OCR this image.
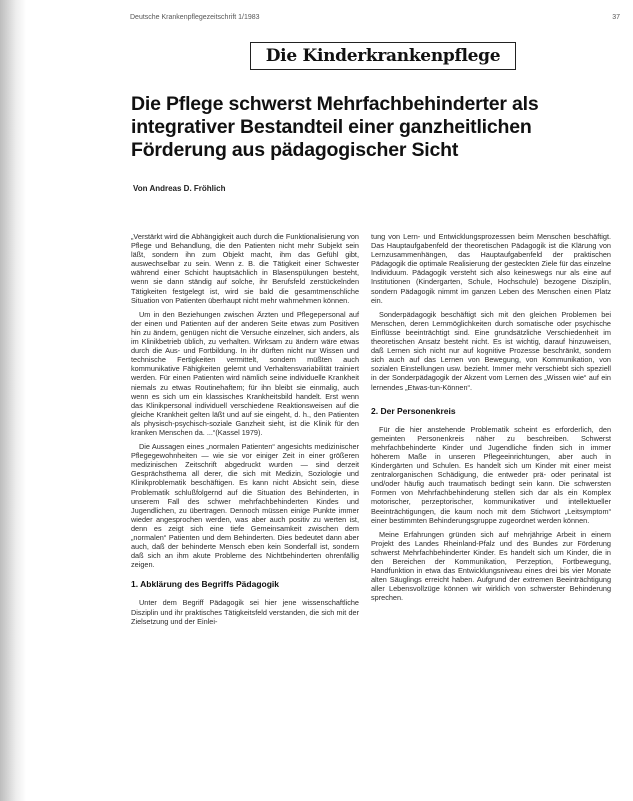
Deutsche Krankenpflegezeitschrift 1/1983	37
Die Kinderkrankenpflege
Die Pflege schwerst Mehrfachbehinderter als
integrativer Bestandteil einer ganzheitlichen
Förderung aus pädagogischer Sicht
Von Andreas D. Fröhlich

„Verstärkt wird die Abhängigkeit auch durch die Funktionalisierung von Pflege und Behandlung, die den Patienten nicht mehr Subjekt sein läßt, sondern ihn zum Objekt macht, ihm das Gefühl gibt, auswechselbar zu sein. Wenn z. B. die Tätigkeit einer Schwester während einer Schicht hauptsächlich in Blasenspülungen besteht, wenn sie dann ständig auf solche, ihr Berufsfeld zerstückelnden Tätigkeiten festgelegt ist, wird sie bald die gesamtmenschliche Situation von Patienten überhaupt nicht mehr wahrnehmen können.

Um in den Beziehungen zwischen Ärzten und Pflegepersonal auf der einen und Patienten auf der anderen Seite etwas zum Positiven hin zu ändern, genügen nicht die Versuche einzelner, sich anders, als im Klinikbetrieb üblich, zu verhalten. Wirksam zu ändern wäre etwas durch die Aus- und Fortbildung. In ihr dürften nicht nur Wissen und technische Fertigkeiten vermittelt, sondern müßten auch kommunikative Fähigkeiten gelernt und Verhaltensvariabilität trainiert werden. Für einen Patienten wird nämlich seine individuelle Krankheit niemals zu etwas Routinehaftem; für ihn bleibt sie einmalig, auch wenn es sich um ein klassisches Krankheitsbild handelt. Erst wenn das Klinikpersonal individuell verschiedene Reaktionsweisen auf die gleiche Krankheit gelten läßt und auf sie eingeht, d. h., den Patienten als physisch-psychisch-soziale Ganzheit sieht, ist die Klinik für den kranken Menschen da. ...“(Kassel 1979).

Die Aussagen eines „normalen Patienten“ angesichts medizinischer Pflegegewohnheiten — wie sie vor einiger Zeit in einer größeren medizinischen Zeitschrift abgedruckt wurden — sind derzeit Gesprächsthema all derer, die sich mit Medizin, Soziologie und Klinikproblematik beschäftigen. Es kann nicht Absicht sein, diese Problematik schlußfolgernd auf die Situation des Behinderten, in unserem Fall des schwer mehrfachbehinderten Kindes und Jugendlichen, zu übertragen. Dennoch müssen einige Punkte immer wieder angesprochen werden, was aber auch positiv zu werten ist, denn es zeigt sich eine tiefe Gemeinsamkeit zwischen dem „normalen“ Patienten und dem Behinderten. Dies bedeutet dann aber auch, daß der behinderte Mensch eben kein Sonderfall ist, sondern daß sich an ihm akute Probleme des Nichtbehinderten ohrenfällig zeigen.

1. Abklärung des Begriffs Pädagogik

Unter dem Begriff Pädagogik sei hier jene wissenschaftliche Disziplin und ihr praktisches Tätigkeitsfeld verstanden, die sich mit der Zielsetzung und der Einlei-

tung von Lern- und Entwicklungsprozessen beim Menschen beschäftigt. Das Hauptaufgabenfeld der theoretischen Pädagogik ist die Klärung von Lernzusammenhängen, das Hauptaufgabenfeld der praktischen Pädagogik die optimale Realisierung der gesteckten Ziele für das einzelne Individuum. Pädagogik versteht sich also keineswegs nur als eine auf Institutionen (Kindergarten, Schule, Hochschule) bezogene Disziplin, sondern Pädagogik nimmt im ganzen Leben des Menschen einen Platz ein.

Sonderpädagogik beschäftigt sich mit den gleichen Problemen bei Menschen, deren Lernmöglichkeiten durch somatische oder psychische Einflüsse beeinträchtigt sind. Eine grundsätzliche Verschiedenheit im theoretischen Ansatz besteht nicht. Es ist wichtig, darauf hinzuweisen, daß Lernen sich nicht nur auf kognitive Prozesse beschränkt, sondern sich auch auf das Lernen von Bewegung, von Kommunikation, von sozialen Einstellungen usw. bezieht. Immer mehr verschiebt sich speziell in der Sonderpädagogik der Akzent vom Lernen des „Wissen wie“ auf ein lernendes „Etwas-tun-Können“.

2. Der Personenkreis

Für die hier anstehende Problematik scheint es erforderlich, den gemeinten Personenkreis näher zu beschreiben. Schwerst mehrfachbehinderte Kinder und Jugendliche finden sich in immer höherem Maße in unseren Pflegeeinrichtungen, aber auch in Kindergärten und Schulen. Es handelt sich um Kinder mit einer meist zentralorganischen Schädigung, die entweder prä- oder perinatal ist und/oder häufig auch traumatisch bedingt sein kann. Die schwersten Formen von Mehrfachbehinderung stellen sich dar als ein Komplex motorischer, perzeptorischer, kommunikativer und intellektueller Beeinträchtigungen, die kaum noch mit dem Stichwort „Leitsymptom“ einer bestimmten Behinderungsgruppe zugeordnet werden können.

Meine Erfahrungen gründen sich auf mehrjährige Arbeit in einem Projekt des Landes Rheinland-Pfalz und des Bundes zur Förderung schwerst Mehrfachbehinderter Kinder. Es handelt sich um Kinder, die in den Bereichen der Kommunikation, Perzeption, Fortbewegung, Handfunktion in etwa das Entwicklungsniveau eines drei bis vier Monate alten Säuglings erreicht haben. Aufgrund der extremen Beeinträchtigung aller Lebensvollzüge können wir wirklich von schwerster Behinderung sprechen.
